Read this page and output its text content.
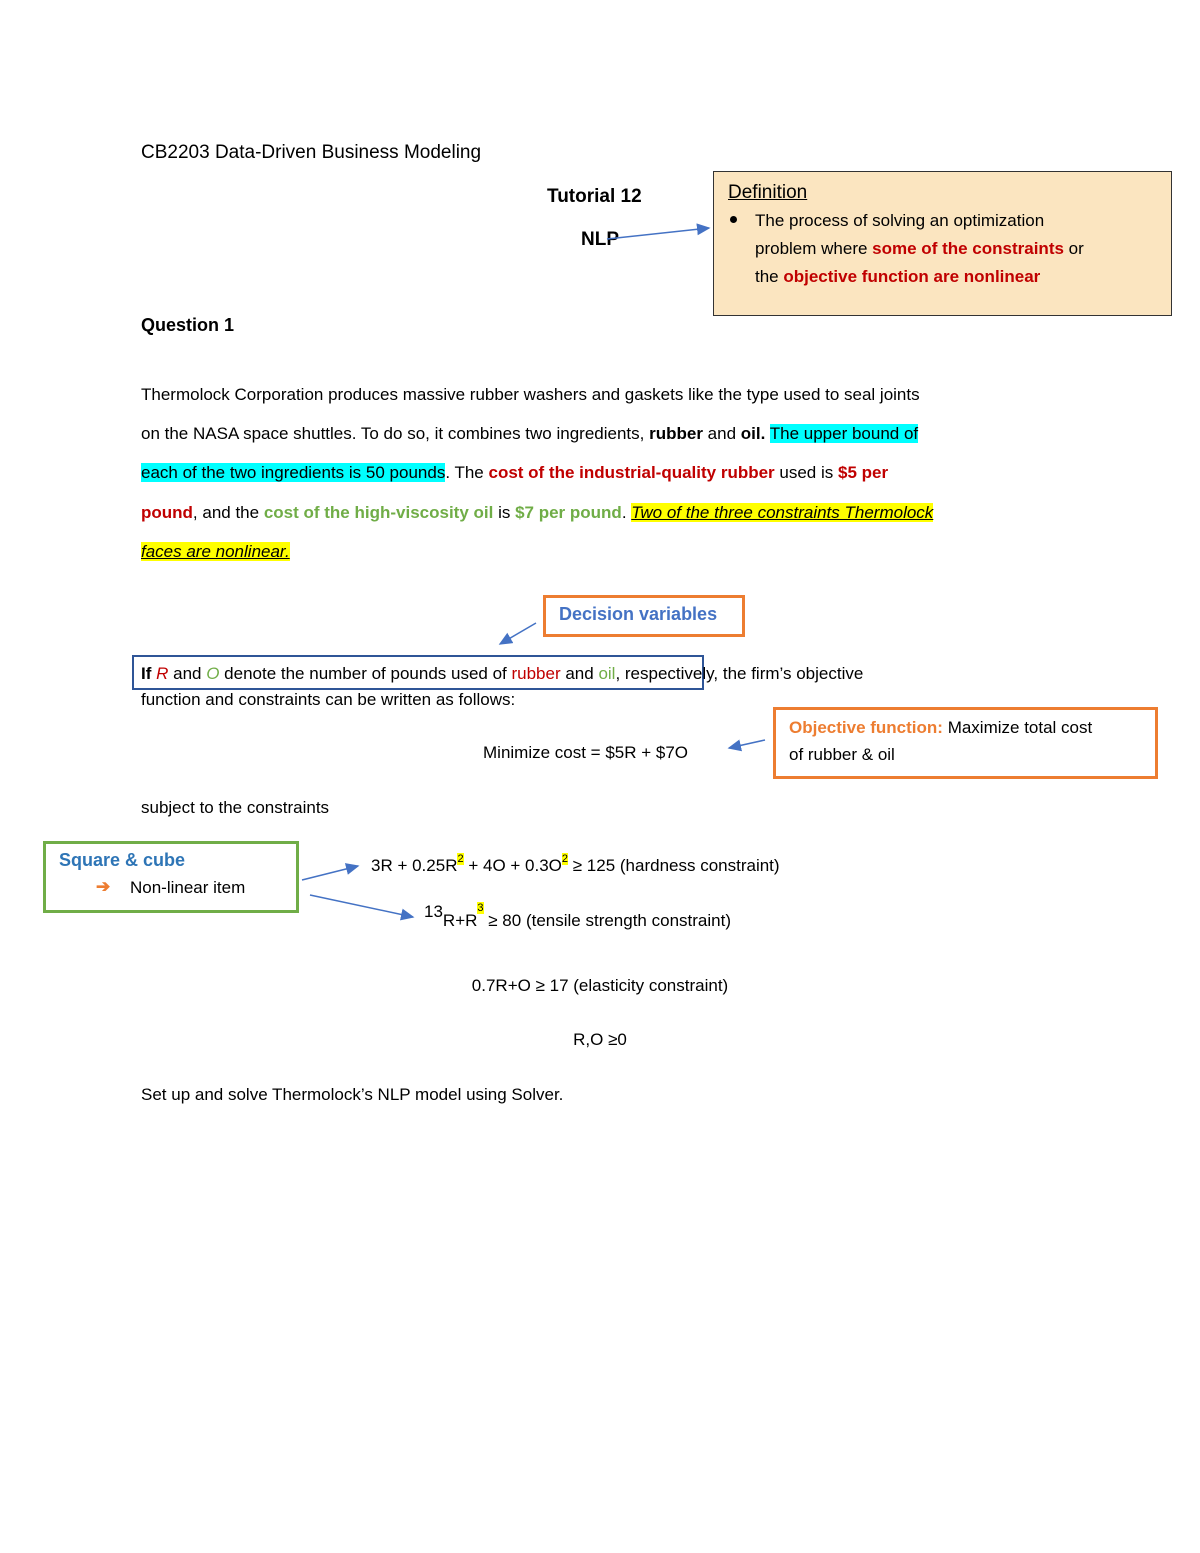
CB2203 Data-Driven Business Modeling
Tutorial 12
NLP
Definition
The process of solving an optimization
problem where some of the constraints or
the objective function are nonlinear
Question 1
Thermolock Corporation produces massive rubber washers and gaskets like the type used to seal joints
on the NASA space shuttles. To do so, it combines two ingredients, rubber and oil. The upper bound of
each of the two ingredients is 50 pounds. The cost of the industrial-quality rubber used is $5 per
pound, and the cost of the high-viscosity oil is $7 per pound. Two of the three constraints Thermolock
faces are nonlinear.
Decision variables
If R and O denote the number of pounds used of rubber and oil, respectively, the firm’s objective
function and constraints can be written as follows:
Minimize cost = $5R + $7O
Objective function: Maximize total cost
of rubber & oil
subject to the constraints
Square & cube
➔ Non-linear item
$3R + 0.25R^2 + 4O + 0.3O^2 \ge 125$ (hardness constraint)
$13R+R^3 \ge 80$ (tensile strength constraint)
0.7R+O ≥ 17 (elasticity constraint)
R,O ≥0
Set up and solve Thermolock’s NLP model using Solver.
